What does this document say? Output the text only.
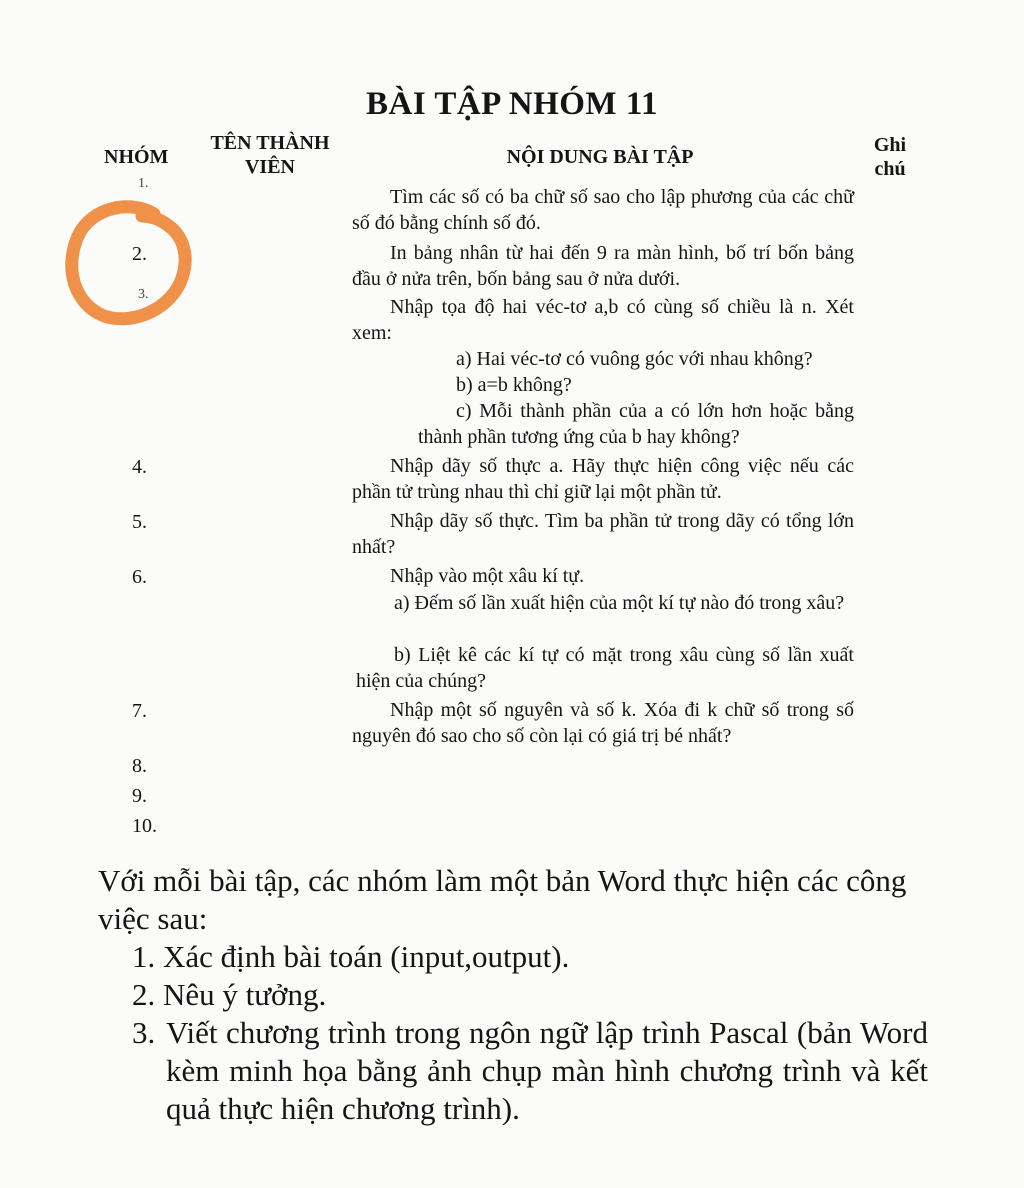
BÀI TẬP NHÓM 11
NHÓM
TÊN THÀNH
VIÊN	NỘI DUNG BÀI TẬP
Ghi
chú
1.
2.
3.
4.
5.
6.
7.
8.
9.
10.

Tìm các số có ba chữ số sao cho lập phương của các chữ số đó bằng chính số đó.

In bảng nhân từ hai đến 9 ra màn hình, bố trí bốn bảng đầu ở nửa trên, bốn bảng sau ở nửa dưới.

Nhập tọa độ hai véc-tơ a,b có cùng số chiều là n. Xét xem:

a) Hai véc-tơ có vuông góc với nhau không?
b) a=b không?
c) Mỗi thành phần của a có lớn hơn hoặc bằng thành phần tương ứng của b hay không?

Nhập dãy số thực a. Hãy thực hiện công việc nếu các phần tử trùng nhau thì chỉ giữ lại một phần tử.

Nhập dãy số thực. Tìm ba phần tử trong dãy có tổng lớn nhất?

Nhập vào một xâu kí tự.

a) Đếm số lần xuất hiện của một kí tự nào đó trong xâu?
b) Liệt kê các kí tự có mặt trong xâu cùng số lần xuất hiện của chúng?

Nhập một số nguyên và số k. Xóa đi k chữ số trong số nguyên đó sao cho số còn lại có giá trị bé nhất?

Với mỗi bài tập, các nhóm làm một bản Word thực hiện các công việc sau:

1. Xác định bài toán (input,output).
2. Nêu ý tưởng.
3. Viết chương trình trong ngôn ngữ lập trình Pascal (bản Word kèm minh họa bằng ảnh chụp màn hình chương trình và kết quả thực hiện chương trình).
